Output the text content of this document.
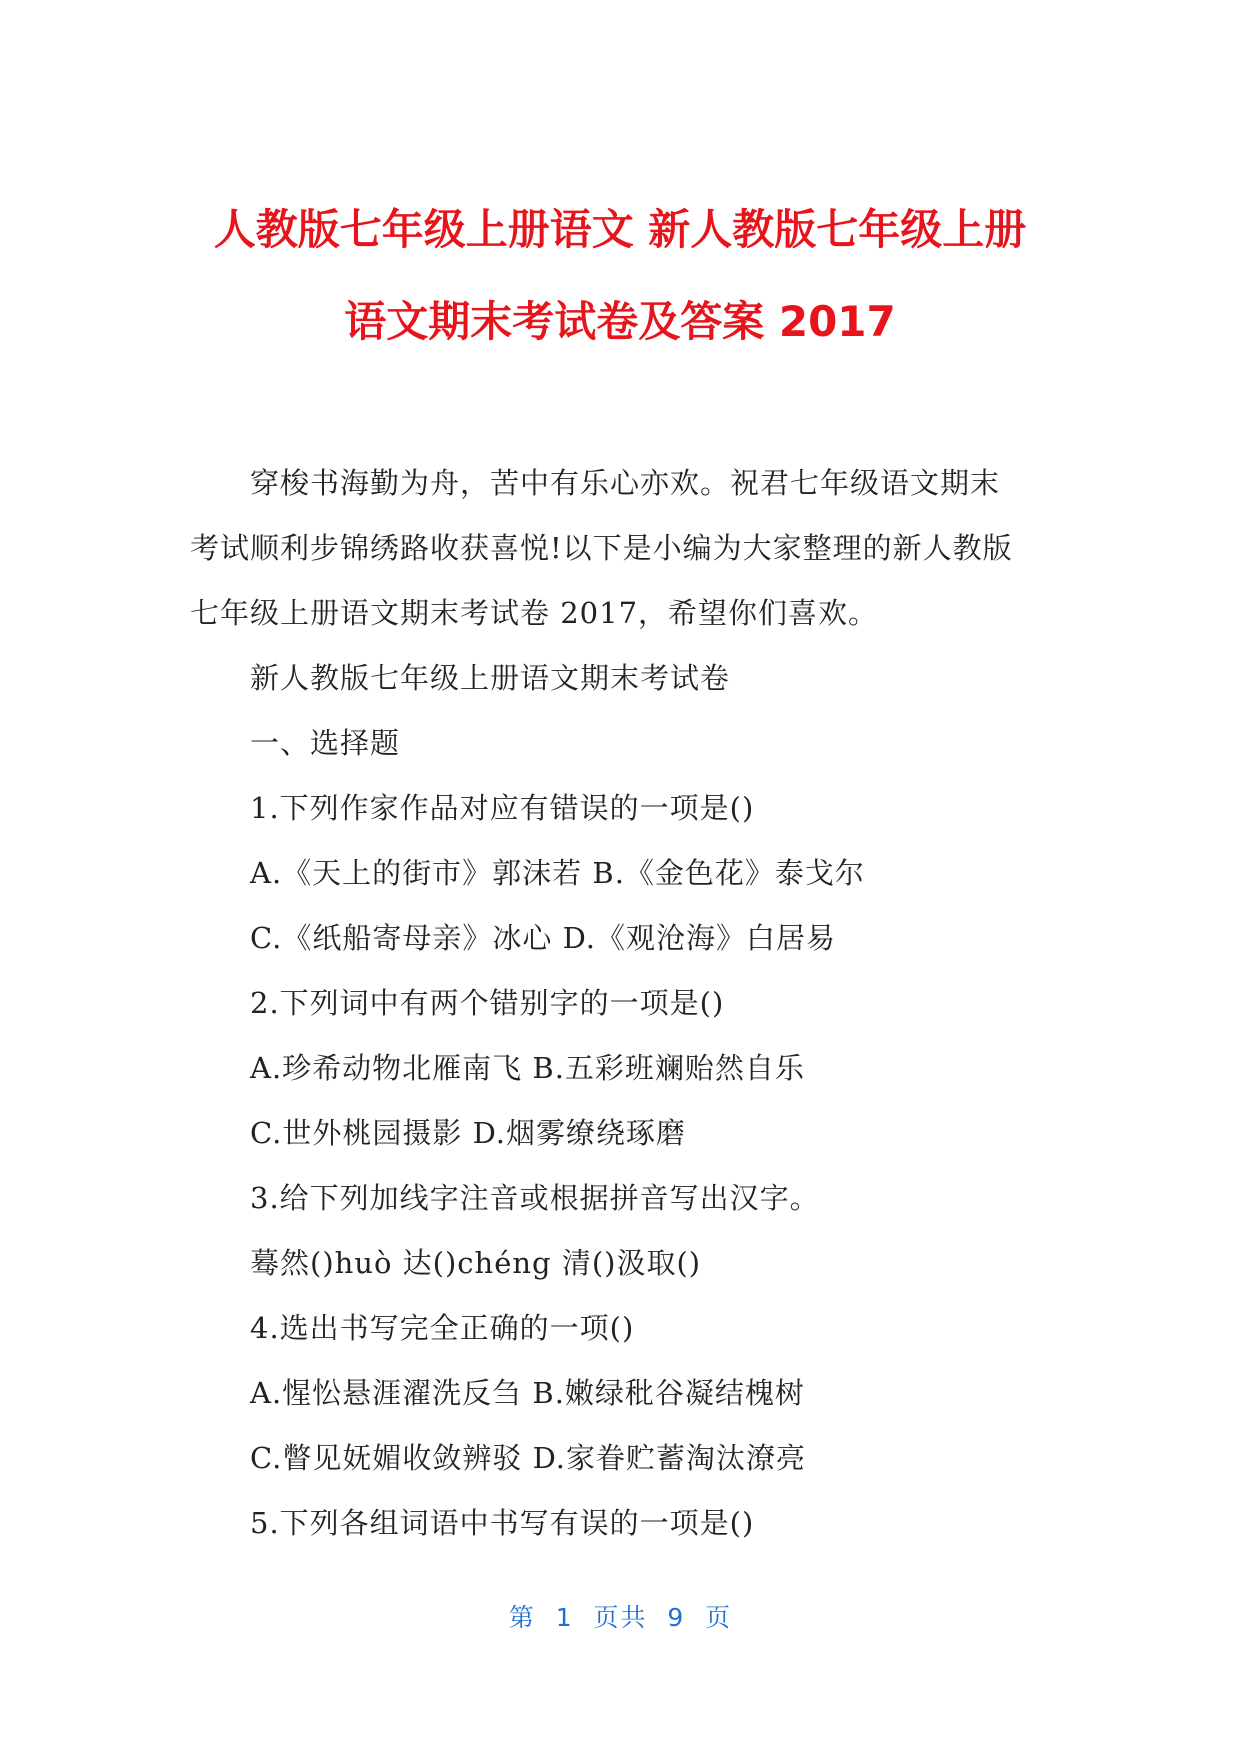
人教版七年级上册语文 新人教版七年级上册
语文期末考试卷及答案 2017
穿梭书海勤为舟，苦中有乐心亦欢。祝君七年级语文期末
考试顺利步锦绣路收获喜悦!以下是小编为大家整理的新人教版
七年级上册语文期末考试卷 2017，希望你们喜欢。
新人教版七年级上册语文期末考试卷
一、选择题
1.下列作家作品对应有错误的一项是()
A.《天上的街市》郭沫若 B.《金色花》泰戈尔
C.《纸船寄母亲》冰心 D.《观沧海》白居易
2.下列词中有两个错别字的一项是()
A.珍希动物北雁南飞 B.五彩班斓贻然自乐
C.世外桃园摄影 D.烟雾缭绕琢磨
3.给下列加线字注音或根据拼音写出汉字。
蓦然()huò 达()chéng 清()汲取()
4.选出书写完全正确的一项()
A.惺忪悬涯濯洗反刍 B.嫩绿秕谷凝结槐树
C.瞥见妩媚收敛辨驳 D.家眷贮蓄淘汰潦亮
5.下列各组词语中书写有误的一项是()
第  1  页共  9  页
